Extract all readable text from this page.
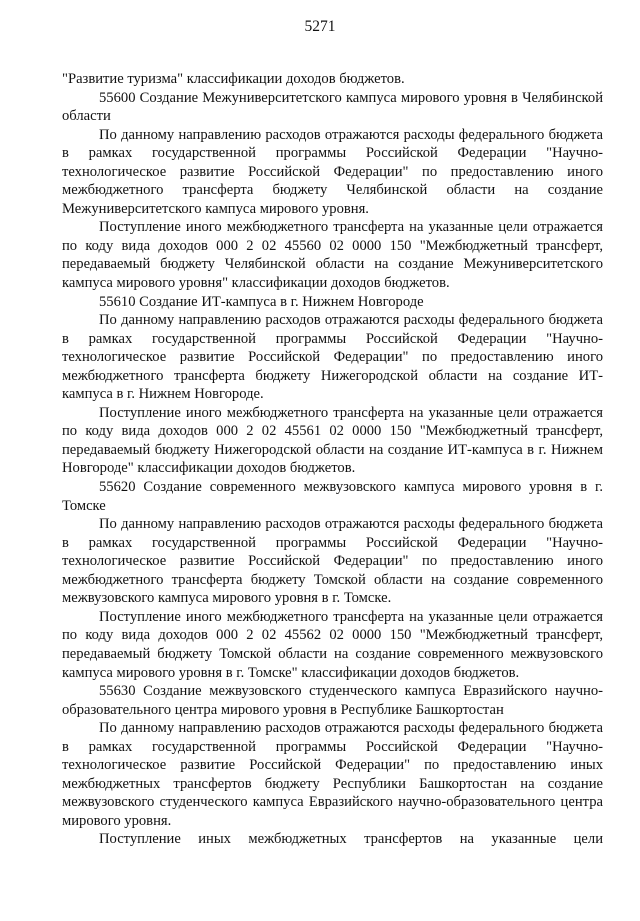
5271

"Развитие туризма" классификации доходов бюджетов.

55600 Создание Межуниверситетского кампуса мирового уровня в Челябинской области

По данному направлению расходов отражаются расходы федерального бюджета в рамках государственной программы Российской Федерации "Научно-технологическое развитие Российской Федерации" по предоставлению иного межбюджетного трансферта бюджету Челябинской области на создание Межуниверситетского кампуса мирового уровня.

Поступление иного межбюджетного трансферта на указанные цели отражается по коду вида доходов 000 2 02 45560 02 0000 150 "Межбюджетный трансферт, передаваемый бюджету Челябинской области на создание Межуниверситетского кампуса мирового уровня" классификации доходов бюджетов.

55610 Создание ИТ-кампуса в г. Нижнем Новгороде

По данному направлению расходов отражаются расходы федерального бюджета в рамках государственной программы Российской Федерации "Научно-технологическое развитие Российской Федерации" по предоставлению иного межбюджетного трансферта бюджету Нижегородской области на создание ИТ-кампуса в г. Нижнем Новгороде.

Поступление иного межбюджетного трансферта на указанные цели отражается по коду вида доходов 000 2 02 45561 02 0000 150 "Межбюджетный трансферт, передаваемый бюджету Нижегородской области на создание ИТ-кампуса в г. Нижнем Новгороде" классификации доходов бюджетов.

55620 Создание современного межвузовского кампуса мирового уровня в г. Томске

По данному направлению расходов отражаются расходы федерального бюджета в рамках государственной программы Российской Федерации "Научно-технологическое развитие Российской Федерации" по предоставлению иного межбюджетного трансферта бюджету Томской области на создание современного межвузовского кампуса мирового уровня в г. Томске.

Поступление иного межбюджетного трансферта на указанные цели отражается по коду вида доходов 000 2 02 45562 02 0000 150 "Межбюджетный трансферт, передаваемый бюджету Томской области на создание современного межвузовского кампуса мирового уровня в г. Томске" классификации доходов бюджетов.

55630 Создание межвузовского студенческого кампуса Евразийского научно-образовательного центра мирового уровня в Республике Башкортостан

По данному направлению расходов отражаются расходы федерального бюджета в рамках государственной программы Российской Федерации "Научно-технологическое развитие Российской Федерации" по предоставлению иных межбюджетных трансфертов бюджету Республики Башкортостан на создание межвузовского студенческого кампуса Евразийского научно-образовательного центра мирового уровня.

Поступление иных межбюджетных трансфертов на указанные цели
